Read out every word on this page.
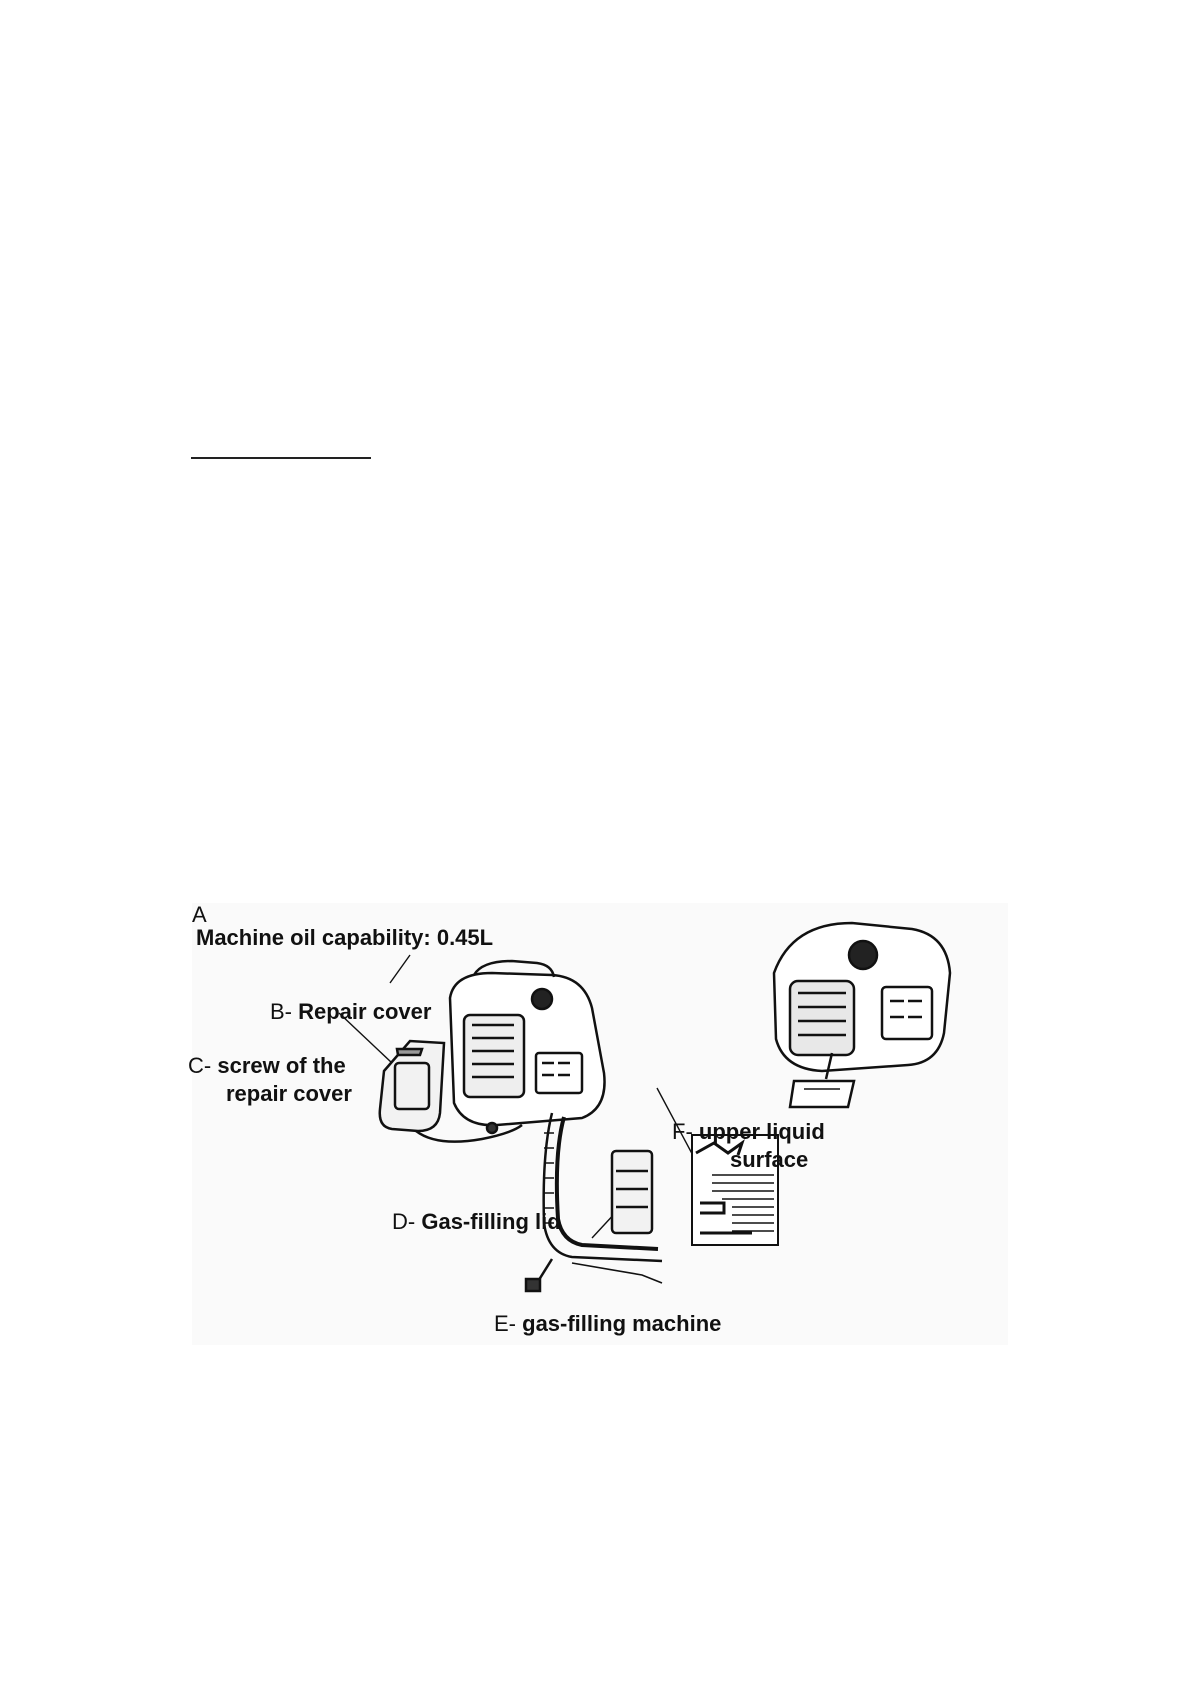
A
Machine oil capability: 0.45L
B- Repair cover
C- screw of the
repair cover
F- upper liquid
surface
D- Gas-filling lid
E- gas-filling machine
